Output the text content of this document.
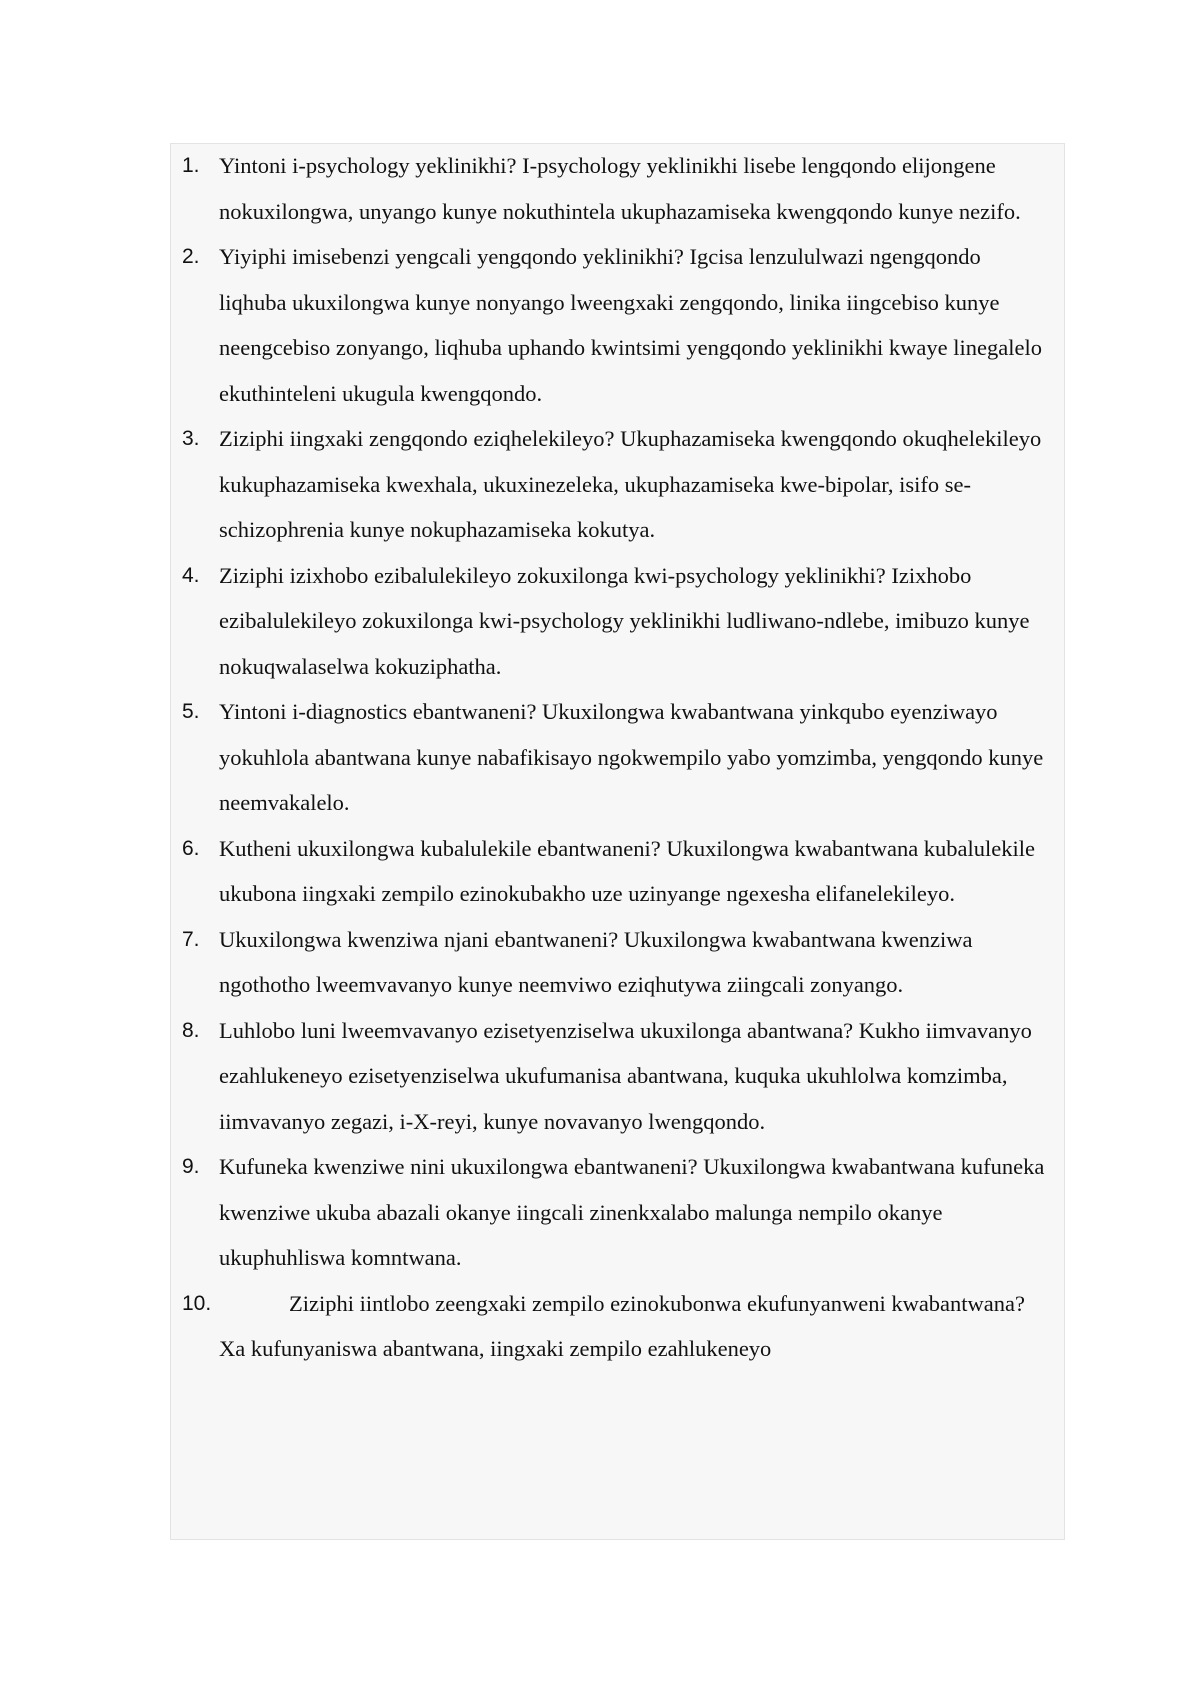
1. Yintoni i-psychology yeklinikhi? I-psychology yeklinikhi lisebe lengqondo elijongene nokuxilongwa, unyango kunye nokuthintela ukuphazamiseka kwengqondo kunye nezifo.
2. Yiyiphi imisebenzi yengcali yengqondo yeklinikhi? Igcisa lenzululwazi ngengqondo liqhuba ukuxilongwa kunye nonyango lweengxaki zengqondo, linika iingcebiso kunye neengcebiso zonyango, liqhuba uphando kwintsimi yengqondo yeklinikhi kwaye linegalelo ekuthinteleni ukugula kwengqondo.
3. Ziziphi iingxaki zengqondo eziqhelekileyo? Ukuphazamiseka kwengqondo okuqhelekileyo kukuphazamiseka kwexhala, ukuxinezeleka, ukuphazamiseka kwe-bipolar, isifo se-schizophrenia kunye nokuphazamiseka kokutya.
4. Ziziphi izixhobo ezibalulekileyo zokuxilonga kwi-psychology yeklinikhi? Izixhobo ezibalulekileyo zokuxilonga kwi-psychology yeklinikhi ludliwano-ndlebe, imibuzo kunye nokuqwalaselwa kokuziphatha.
5. Yintoni i-diagnostics ebantwaneni? Ukuxilongwa kwabantwana yinkqubo eyenziwayo yokuhlola abantwana kunye nabafikisayo ngokwempilo yabo yomzimba, yengqondo kunye neemvakalelo.
6. Kutheni ukuxilongwa kubalulekile ebantwaneni? Ukuxilongwa kwabantwana kubalulekile ukubona iingxaki zempilo ezinokubakho uze uzinyange ngexesha elifanelekileyo.
7. Ukuxilongwa kwenziwa njani ebantwaneni? Ukuxilongwa kwabantwana kwenziwa ngothotho lweemvavanyo kunye neemviwo eziqhutywa ziingcali zonyango.
8. Luhlobo luni lweemvavanyo ezisetyenziselwa ukuxilonga abantwana? Kukho iimvavanyo ezahlukeneyo ezisetyenziselwa ukufumanisa abantwana, kuquka ukuhlolwa komzimba, iimvavanyo zegazi, i-X-reyi, kunye novavanyo lwengqondo.
9. Kufuneka kwenziwe nini ukuxilongwa ebantwaneni? Ukuxilongwa kwabantwana kufuneka kwenziwe ukuba abazali okanye iingcali zinenkxalabo malunga nempilo okanye ukuphuhliswa komntwana.
10.	Ziziphi iintlobo zeengxaki zempilo ezinokubonwa ekufunyanweni kwabantwana? Xa kufunyaniswa abantwana, iingxaki zempilo ezahlukeneyo
